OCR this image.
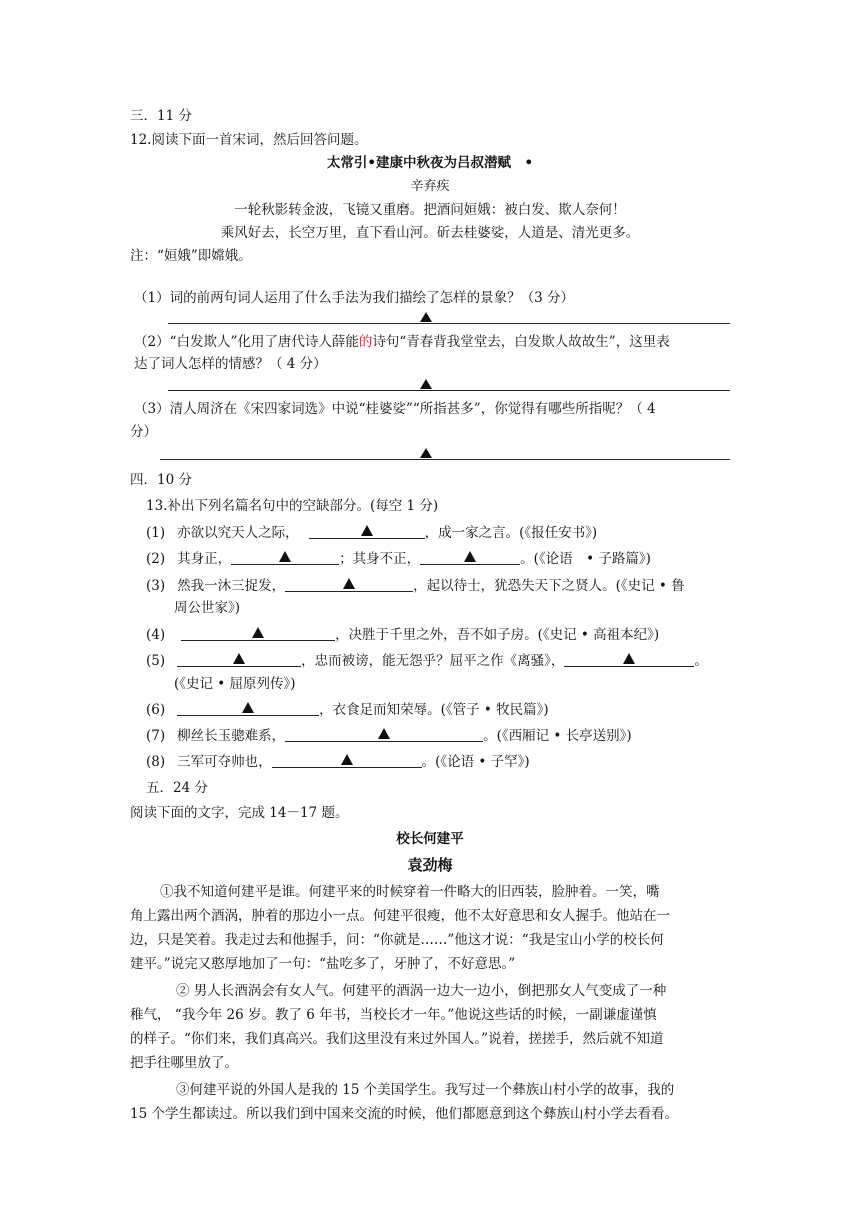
三．11 分
12.阅读下面一首宋词，然后回答问题。
太常引•建康中秋夜为吕叔潜赋　•
辛弃疾
一轮秋影转金波，飞镜又重磨。把酒问姮娥：被白发、欺人奈何！
乘风好去，长空万里，直下看山河。斫去桂婆娑，人道是、清光更多。
注：“姮娥”即嫦娥。
（1）词的前两句词人运用了什么手法为我们描绘了怎样的景象？（3 分）
（2）“白发欺人”化用了唐代诗人薛能的诗句“青春背我堂堂去，白发欺人故故生”，这里表
达了词人怎样的情感？（ 4 分）
（3）清人周济在《宋四家词选》中说“桂婆娑”“所指甚多”，你觉得有哪些所指呢？（ 4
分）
四．10 分
13.补出下列名篇名句中的空缺部分。(每空 1 分)
(1) 亦欲以究天人之际，	，成一家之言。(《报任安书》)
(2) 其身正，	；其身不正，	。(《论语　• 子路篇》)
(3) 然我一沐三捉发，	，起以待士，犹恐失天下之贤人。(《史记 • 鲁
周公世家》)
(4)	，决胜于千里之外，吾不如子房。(《史记 • 高祖本纪》)
(5)	，忠而被谤，能无怨乎？屈平之作《离骚》，	。
(《史记 • 屈原列传》)
(6)	，衣食足而知荣辱。(《管子 • 牧民篇》)
(7) 柳丝长玉骢难系，	。(《西厢记 • 长亭送别》)
(8) 三军可夺帅也，	。(《论语 • 子罕》)
五．24 分
阅读下面的文字，完成 14－17 题。
校长何建平
袁劲梅
①我不知道何建平是谁。何建平来的时候穿着一件略大的旧西装，脸肿着。一笑，嘴
角上露出两个酒涡，肿着的那边小一点。何建平很瘦，他不太好意思和女人握手。他站在一
边，只是笑着。我走过去和他握手，问：“你就是……”他这才说：“我是宝山小学的校长何
建平。”说完又憨厚地加了一句：“盐吃多了，牙肿了，不好意思。”
② 男人长酒涡会有女人气。何建平的酒涡一边大一边小，倒把那女人气变成了一种
稚气， “我今年 26 岁。教了 6 年书，当校长才一年。”他说这些话的时候，一副谦虚谨慎
的样子。“你们来，我们真高兴。我们这里没有来过外国人。”说着，搓搓手，然后就不知道
把手往哪里放了。
③何建平说的外国人是我的 15 个美国学生。我写过一个彝族山村小学的故事，我的
15 个学生都读过。所以我们到中国来交流的时候，他们都愿意到这个彝族山村小学去看看。
